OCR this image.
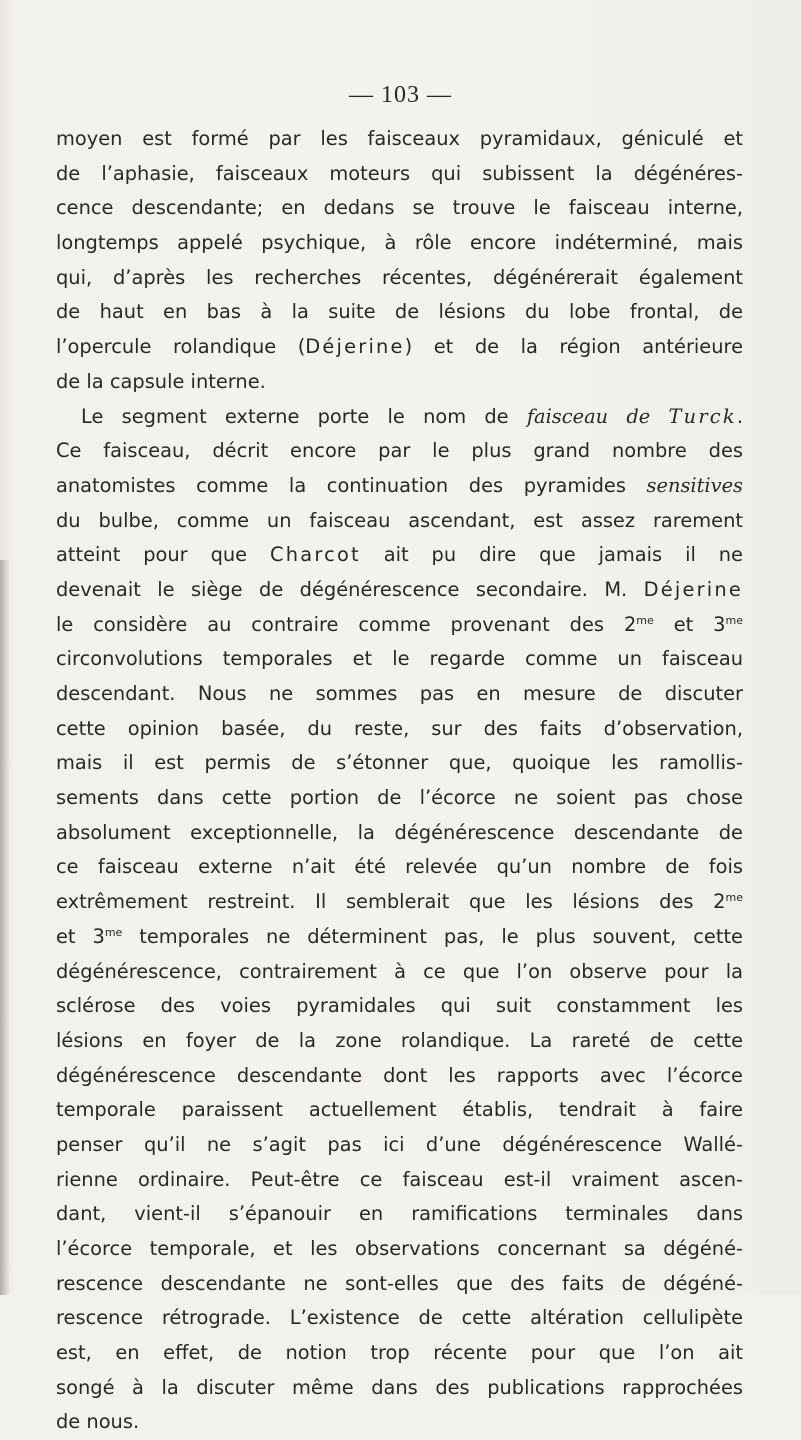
— 103 —
moyen est formé par les faisceaux pyramidaux, géniculé et
de l’aphasie, faisceaux moteurs qui subissent la dégénéres-
cence descendante; en dedans se trouve le faisceau interne,
longtemps appelé psychique, à rôle encore indéterminé, mais
qui, d’après les recherches récentes, dégénérerait également
de haut en bas à la suite de lésions du lobe frontal, de
l’opercule rolandique (Déjerine) et de la région antérieure
de la capsule interne.
Le segment externe porte le nom de faisceau de Turck.
Ce faisceau, décrit encore par le plus grand nombre des
anatomistes comme la continuation des pyramides sensitives
du bulbe, comme un faisceau ascendant, est assez rarement
atteint pour que Charcot ait pu dire que jamais il ne
devenait le siège de dégénérescence secondaire. M. Déjerine
le considère au contraire comme provenant des $2^{me}$ et $3^{me}$
circonvolutions temporales et le regarde comme un faisceau
descendant. Nous ne sommes pas en mesure de discuter
cette opinion basée, du reste, sur des faits d’observation,
mais il est permis de s’étonner que, quoique les ramollis-
sements dans cette portion de l’écorce ne soient pas chose
absolument exceptionnelle, la dégénérescence descendante de
ce faisceau externe n’ait été relevée qu’un nombre de fois
extrêmement restreint. Il semblerait que les lésions des $2^{me}$
et $3^{me}$ temporales ne déterminent pas, le plus souvent, cette
dégénérescence, contrairement à ce que l’on observe pour la
sclérose des voies pyramidales qui suit constamment les
lésions en foyer de la zone rolandique. La rareté de cette
dégénérescence descendante dont les rapports avec l’écorce
temporale paraissent actuellement établis, tendrait à faire
penser qu’il ne s’agit pas ici d’une dégénérescence Wallé-
rienne ordinaire. Peut-être ce faisceau est-il vraiment ascen-
dant, vient-il s’épanouir en ramifications terminales dans
l’écorce temporale, et les observations concernant sa dégéné-
rescence descendante ne sont-elles que des faits de dégéné-
rescence rétrograde. L’existence de cette altération cellulipète
est, en effet, de notion trop récente pour que l’on ait
songé à la discuter même dans des publications rapprochées
de nous.
